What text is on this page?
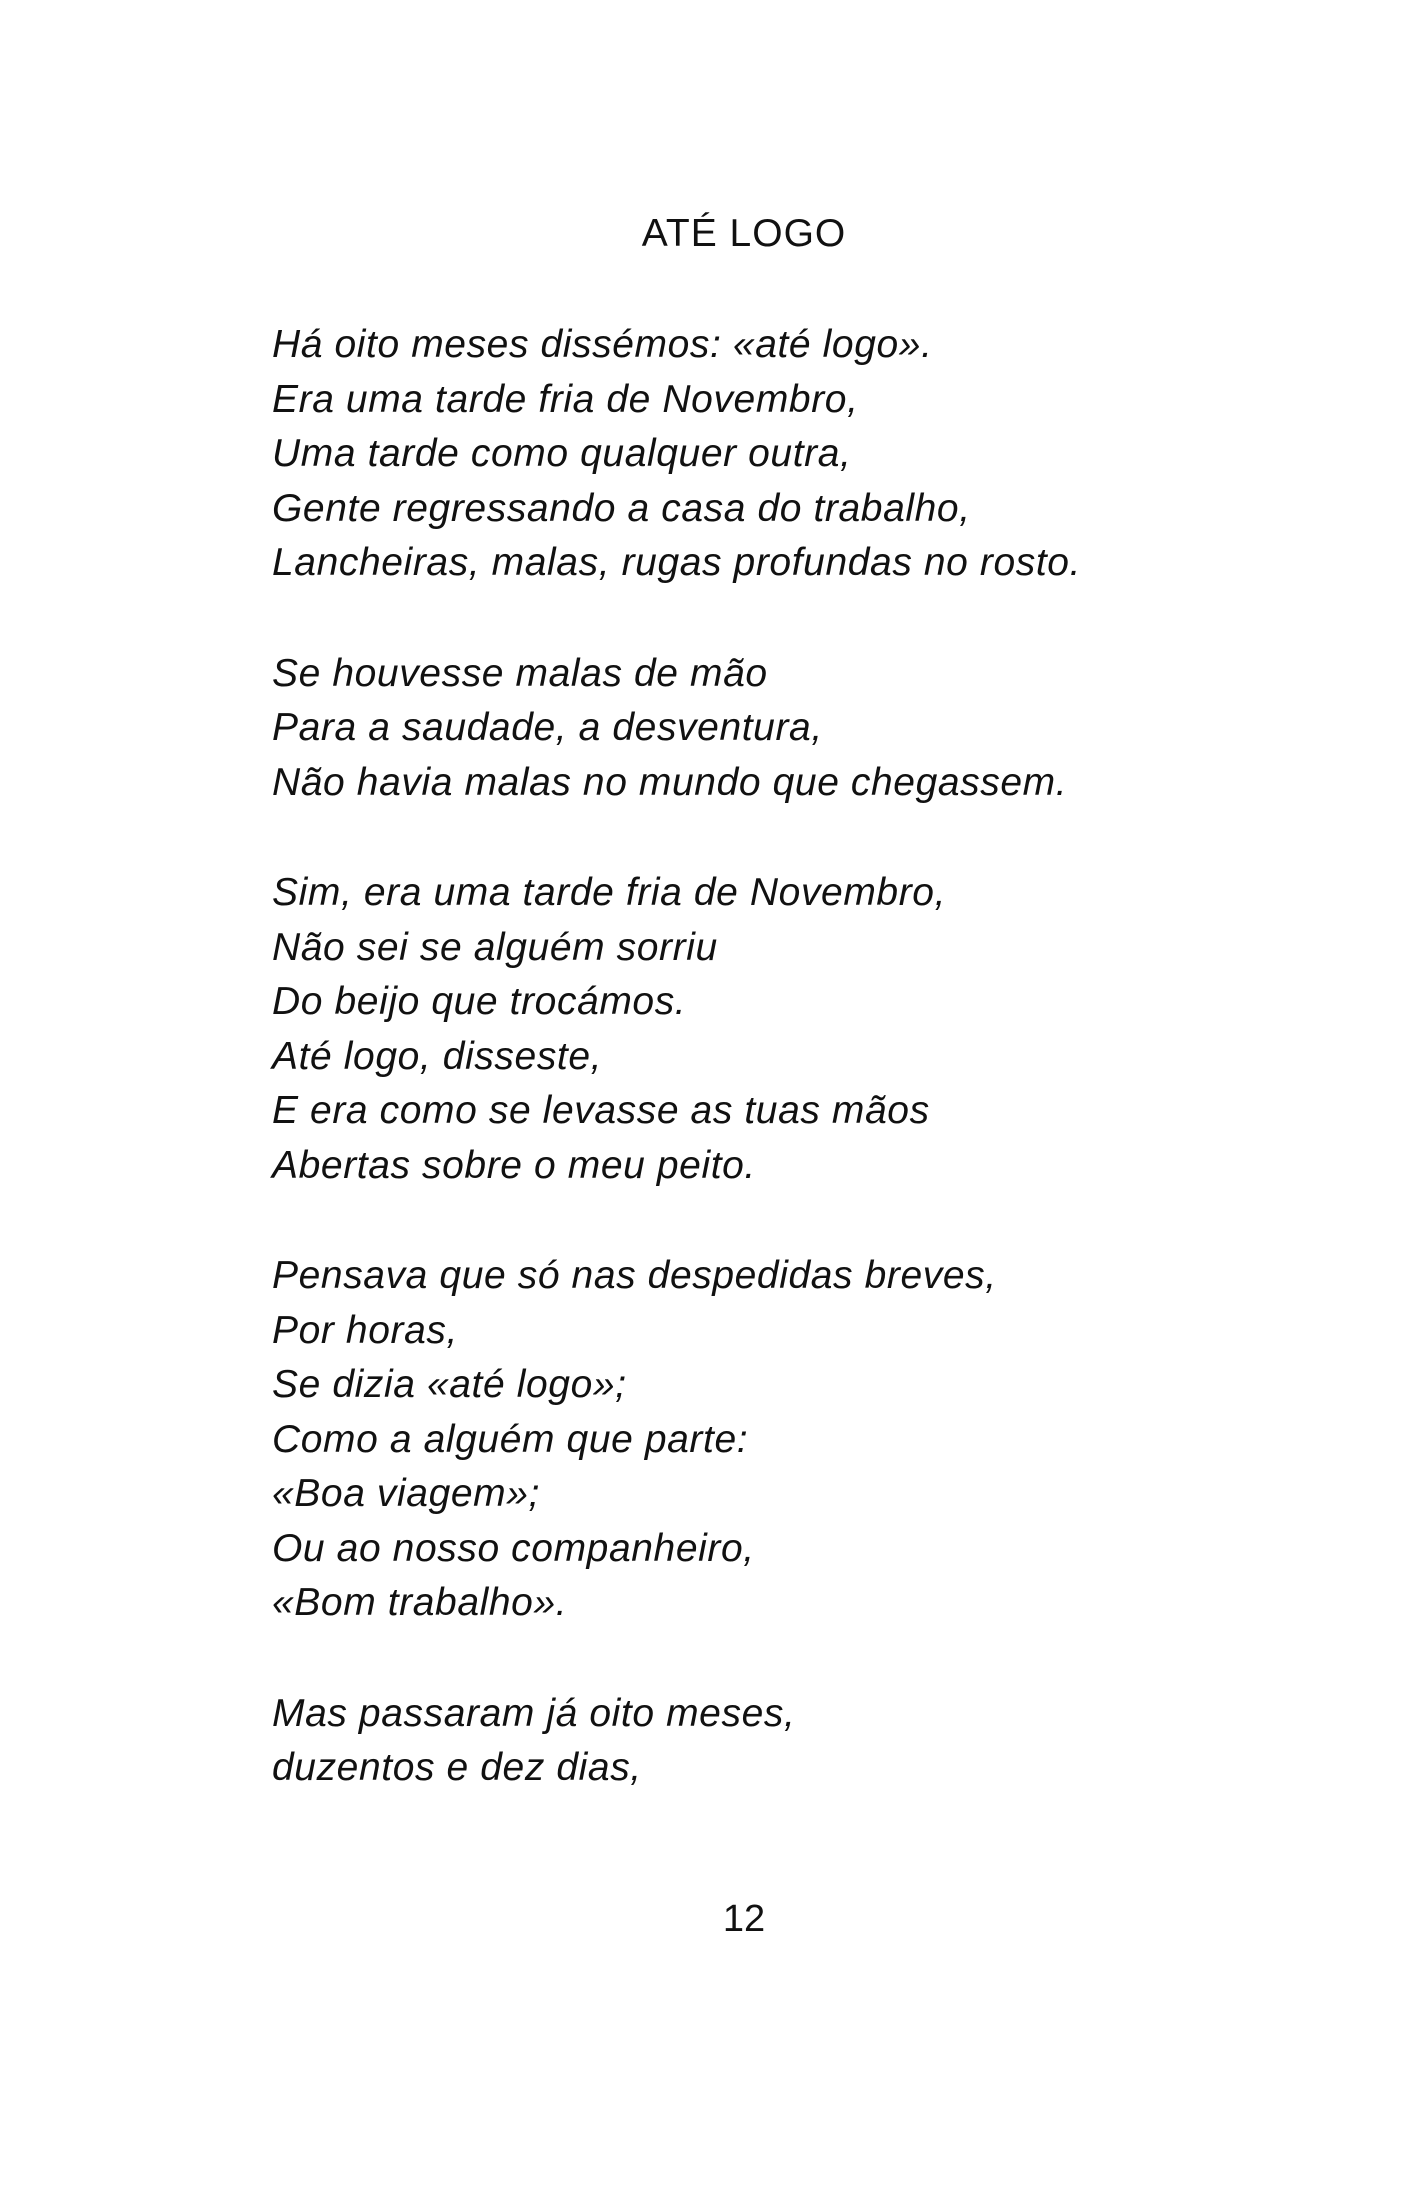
ATÉ LOGO
Há oito meses dissémos: «até logo».
Era uma tarde fria de Novembro,
Uma tarde como qualquer outra,
Gente regressando a casa do trabalho,
Lancheiras, malas, rugas profundas no rosto.
Se houvesse malas de mão
Para a saudade, a desventura,
Não havia malas no mundo que chegassem.
Sim, era uma tarde fria de Novembro,
Não sei se alguém sorriu
Do beijo que trocámos.
Até logo, disseste,
E era como se levasse as tuas mãos
Abertas sobre o meu peito.
Pensava que só nas despedidas breves,
Por horas,
Se dizia «até logo»;
Como a alguém que parte:
«Boa viagem»;
Ou ao nosso companheiro,
«Bom trabalho».
Mas passaram já oito meses,
duzentos e dez dias,
12
